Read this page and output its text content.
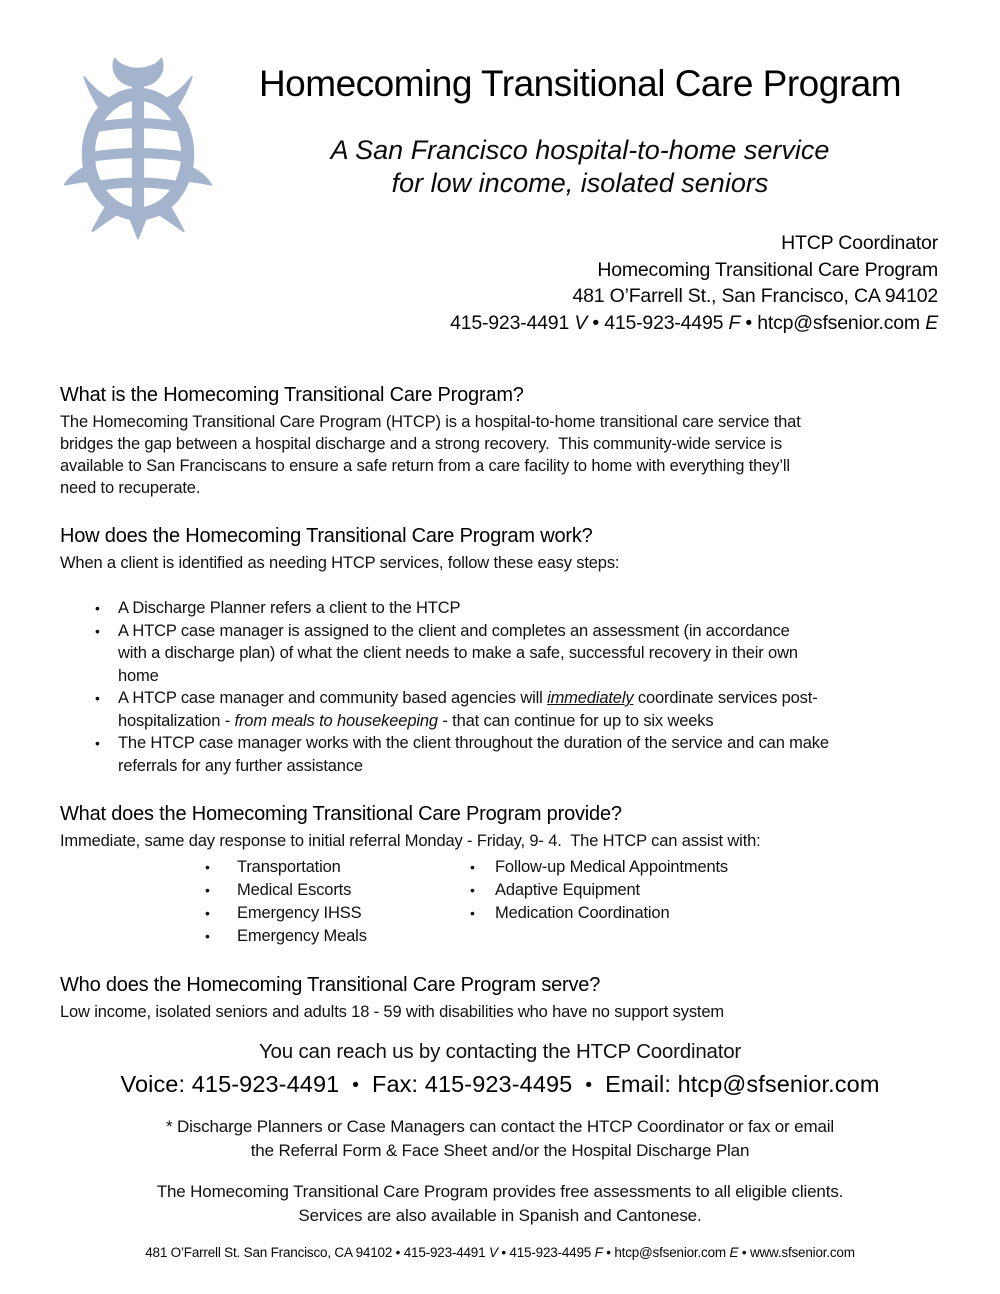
Homecoming Transitional Care Program
A San Francisco hospital-to-home service
for low income, isolated seniors
HTCP Coordinator
Homecoming Transitional Care Program
481 O’Farrell St., San Francisco, CA 94102
415-923-4491 V • 415-923-4495 F • htcp@sfsenior.com E
What is the Homecoming Transitional Care Program?
The Homecoming Transitional Care Program (HTCP) is a hospital-to-home transitional care service that
bridges the gap between a hospital discharge and a strong recovery.  This community-wide service is
available to San Franciscans to ensure a safe return from a care facility to home with everything they’ll
need to recuperate.
How does the Homecoming Transitional Care Program work?
When a client is identified as needing HTCP services, follow these easy steps:
•	A Discharge Planner refers a client to the HTCP
•	A HTCP case manager is assigned to the client and completes an assessment (in accordance
with a discharge plan) of what the client needs to make a safe, successful recovery in their own
home
•	A HTCP case manager and community based agencies will immediately coordinate services post-
hospitalization - from meals to housekeeping - that can continue for up to six weeks
•	The HTCP case manager works with the client throughout the duration of the service and can make
referrals for any further assistance
What does the Homecoming Transitional Care Program provide?
Immediate, same day response to initial referral Monday - Friday, 9- 4.  The HTCP can assist with:
•	Transportation
•	Medical Escorts
•	Emergency IHSS
•	Emergency Meals
•	Follow-up Medical Appointments
•	Adaptive Equipment
•	Medication Coordination
Who does the Homecoming Transitional Care Program serve?
Low income, isolated seniors and adults 18 - 59 with disabilities who have no support system
You can reach us by contacting the HTCP Coordinator
Voice: 415-923-4491 • Fax: 415-923-4495 • Email: htcp@sfsenior.com
* Discharge Planners or Case Managers can contact the HTCP Coordinator or fax or email
the Referral Form & Face Sheet and/or the Hospital Discharge Plan
The Homecoming Transitional Care Program provides free assessments to all eligible clients.
Services are also available in Spanish and Cantonese.
481 O’Farrell St. San Francisco, CA 94102 • 415-923-4491 V • 415-923-4495 F • htcp@sfsenior.com E • www.sfsenior.com
